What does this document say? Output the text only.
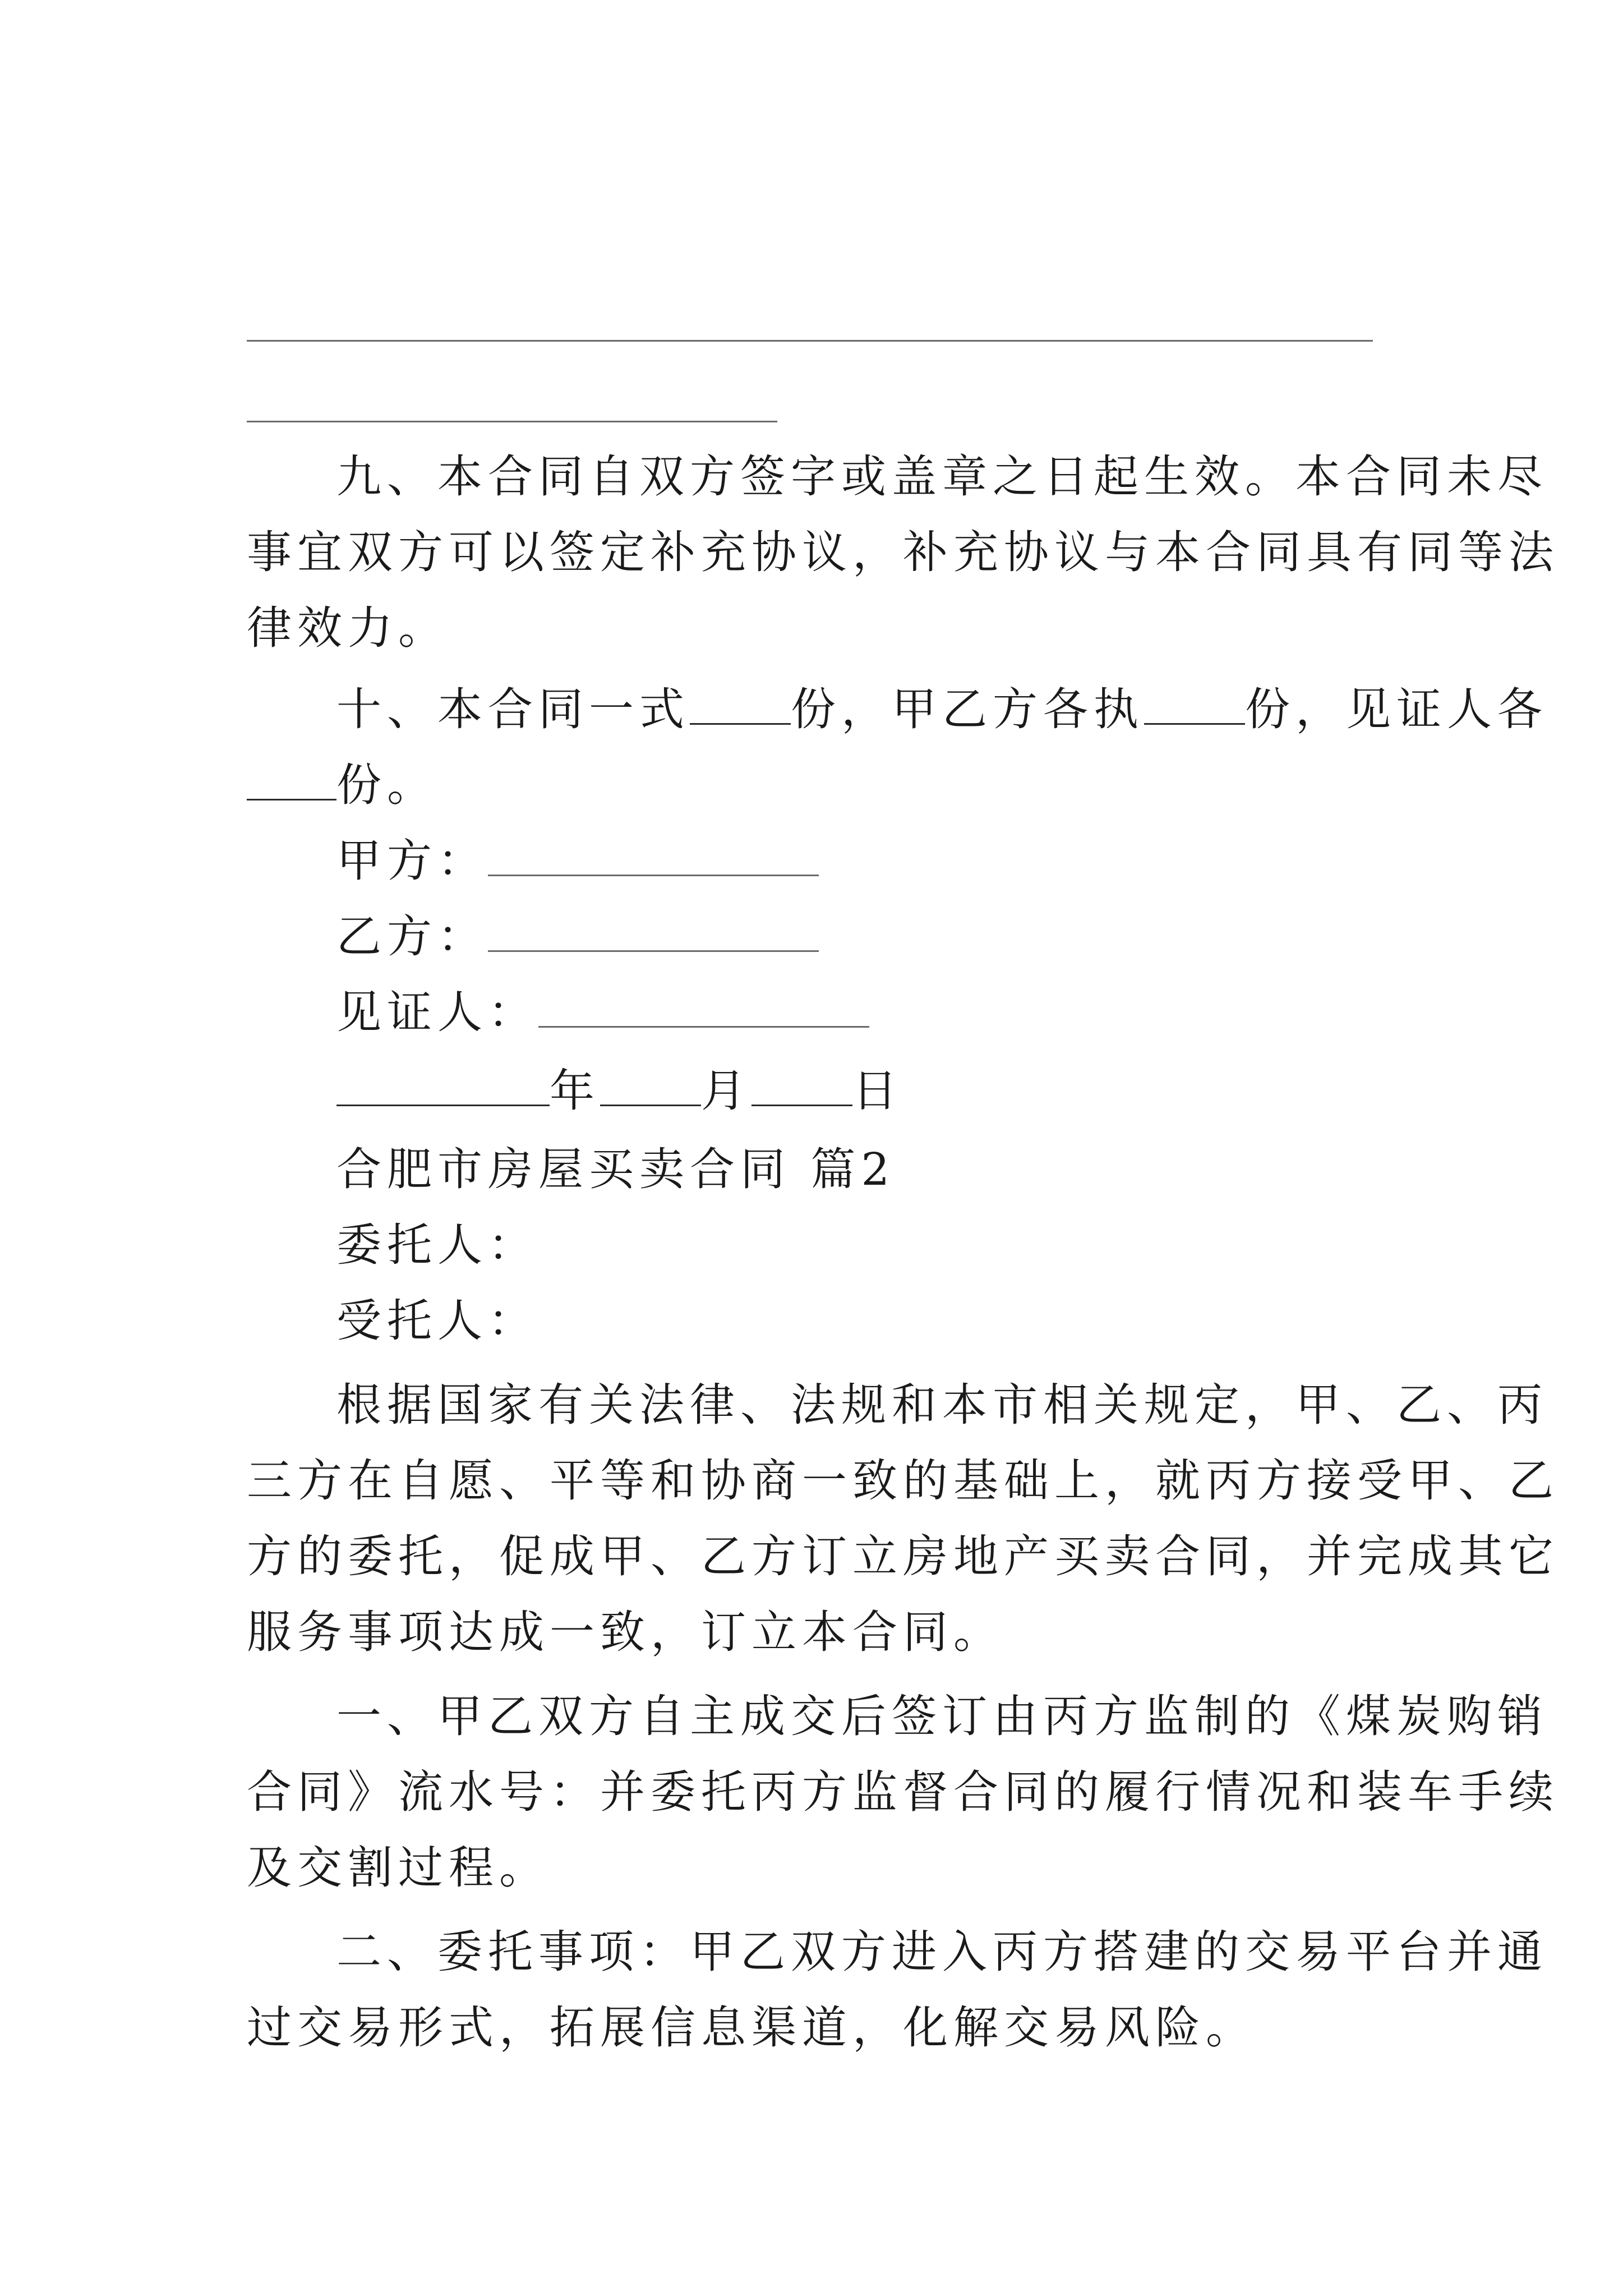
九、本合同自双方签字或盖章之日起生效。本合同未尽
事宜双方可以签定补充协议，补充协议与本合同具有同等法
律效力。
十、本合同一式 份，甲乙方各执 份，见证人各
份。
甲方：
乙方：
见证人：
年 月 日
合肥市房屋买卖合同 篇2
委托人：
受托人：
根据国家有关法律、法规和本市相关规定，甲、乙、丙
三方在自愿、平等和协商一致的基础上，就丙方接受甲、乙
方的委托，促成甲、乙方订立房地产买卖合同，并完成其它
服务事项达成一致，订立本合同。
一、甲乙双方自主成交后签订由丙方监制的《煤炭购销
合同》流水号：并委托丙方监督合同的履行情况和装车手续
及交割过程。
二、委托事项：甲乙双方进入丙方搭建的交易平台并通
过交易形式，拓展信息渠道，化解交易风险。
